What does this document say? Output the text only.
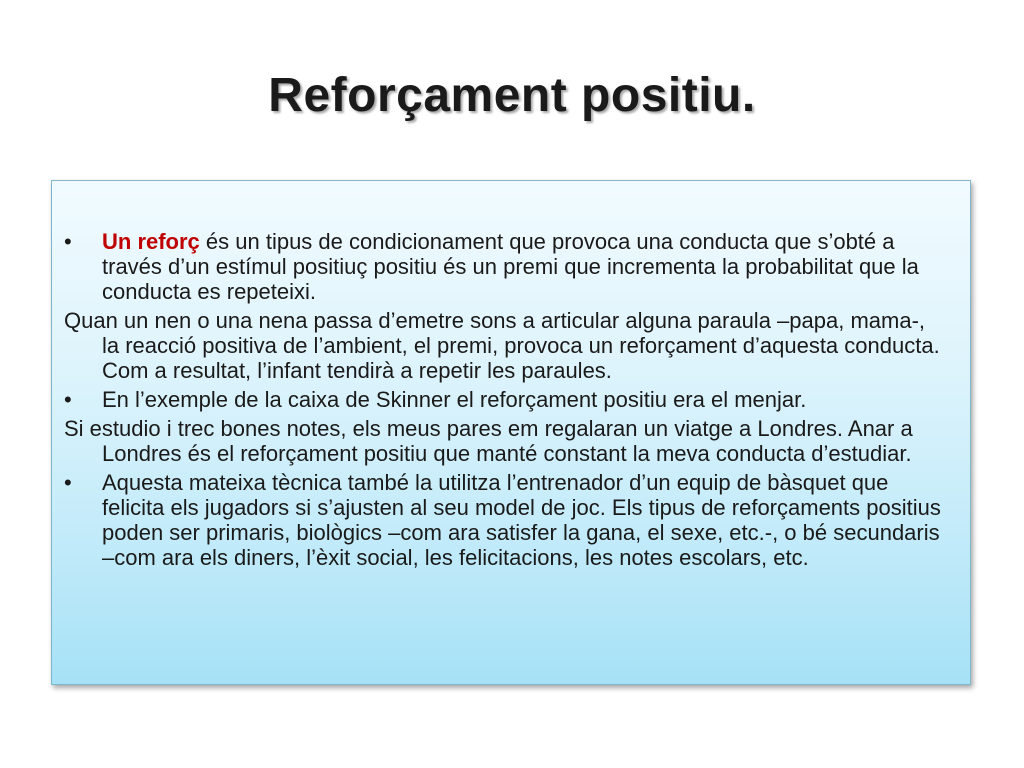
Reforçament positiu.
•	Un reforç és un tipus de condicionament que provoca una conducta que s’obté a través d’un estímul positiuç positiu és un premi que incrementa la probabilitat que la conducta es repeteixi.
Quan un nen o una nena passa d’emetre sons a articular alguna paraula –papa, mama-, la reacció positiva de l’ambient, el premi, provoca un reforçament d’aquesta conducta. Com a resultat, l’infant tendirà a repetir les paraules.
•	En l’exemple de la caixa de Skinner el reforçament positiu era el menjar.
Si estudio i trec bones notes, els meus pares em regalaran un viatge a Londres. Anar a Londres és el reforçament positiu que manté constant la meva conducta d’estudiar.
•	Aquesta mateixa tècnica també la utilitza l’entrenador d’un equip de bàsquet que felicita els jugadors si s’ajusten al seu model de joc. Els tipus de reforçaments positius poden ser primaris, biològics –com ara satisfer la gana, el sexe, etc.-, o bé secundaris –com ara els diners, l’èxit social, les felicitacions, les notes escolars, etc.
